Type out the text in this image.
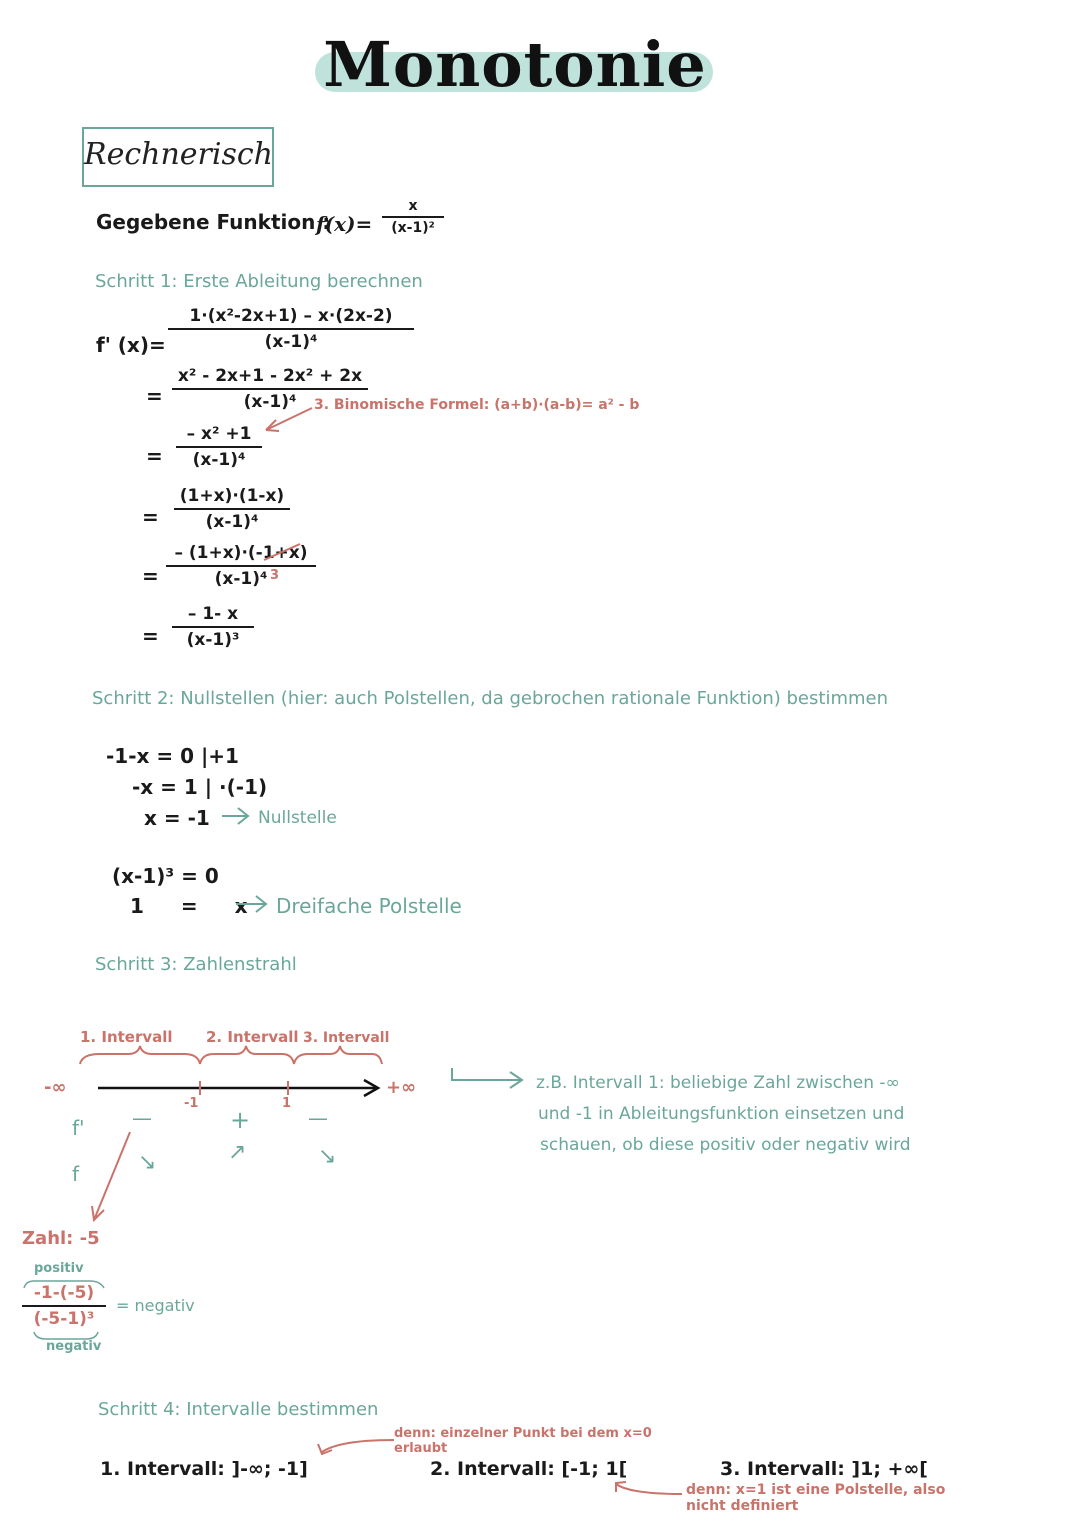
Monotonie
Rechnerisch
Gegebene Funktion :
$f(x)= \frac{x}{\text{(x-1)²}}$
Schritt 1: Erste Ableitung berechnen
f' $(x)= \frac{\text{1·(x²-2x+1) – x·(2x-2)}}{\text{(x-1)⁴}}$
= $\frac{\text{x² - 2x+1 - 2x² + 2x}}{\text{(x-1)⁴}}$
3. Binomische Formel: (a+b)·(a-b)= a² - b
= $\frac{\text{– x² +1}}{\text{(x-1)⁴}}$
= $\frac{(1+x)\cdot(1-x)}{\text{(x-1)⁴}}$
= $\frac{- (1+x)\cdot(-1+x)}{\text{(x-1)⁴}}$
3
= $\frac{- 1- x}{\text{(x-1)³}}$
Schritt 2: Nullstellen (hier: auch Polstellen, da gebrochen rationale Funktion) bestimmen
-1-x = 0 |+1
-x = 1 | ·(-1)
x = -1	Nullstelle
(x-1)³ = 0
1 = x Dreifache Polstelle
Schritt 3: Zahlenstrahl
1. Intervall 2. Intervall 3. Intervall
-∞	+∞
-1	1
f'
f
—	+	—
↘	↗	↘
z.B. Intervall 1: beliebige Zahl zwischen -∞
und -1 in Ableitungsfunktion einsetzen und
schauen, ob diese positiv oder negativ wird
Zahl: -5
positiv
$\frac{-1-(-5)}{\text{(-5-1)³}}$
negativ
= negativ
Schritt 4: Intervalle bestimmen
1. Intervall: ]-∞; -1]	2. Intervall: [-1; 1[	3. Intervall: ]1; +∞[
denn: einzelner Punkt bei dem x=0
erlaubt
denn: x=1 ist eine Polstelle, also
nicht definiert
